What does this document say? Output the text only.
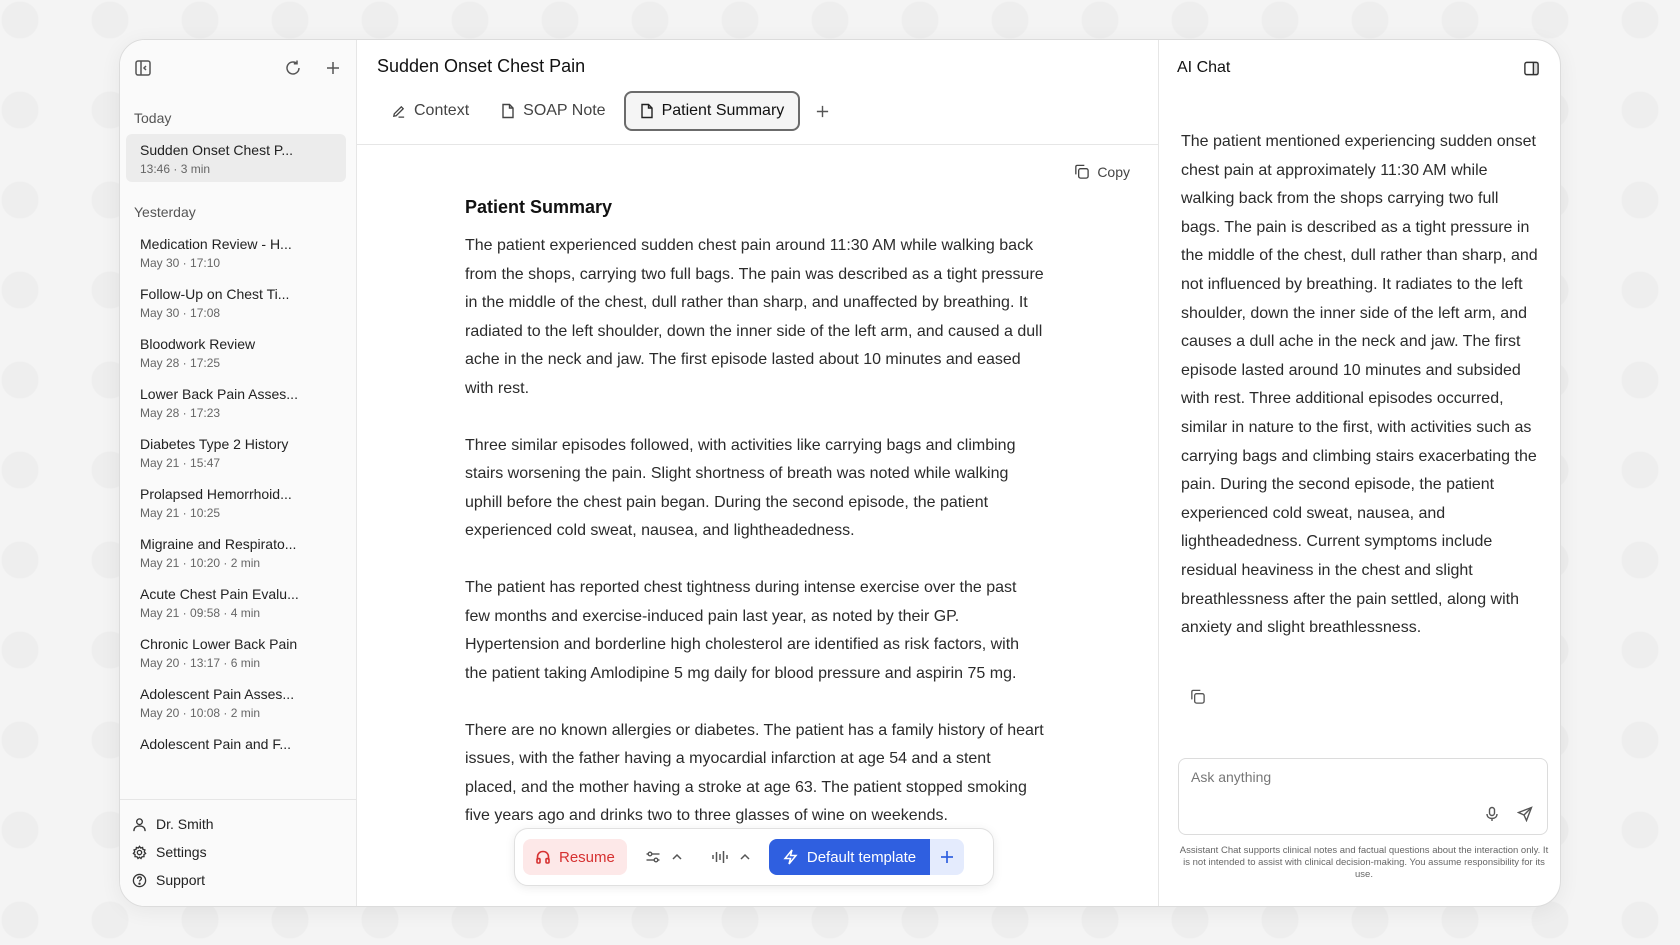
Today
Sudden Onset Chest P...
13:46 · 3 min
Yesterday
Medication Review - H...
May 30 · 17:10
Follow-Up on Chest Ti...
May 30 · 17:08
Bloodwork Review
May 28 · 17:25
Lower Back Pain Asses...
May 28 · 17:23
Diabetes Type 2 History
May 21 · 15:47
Prolapsed Hemorrhoid...
May 21 · 10:25
Migraine and Respirato...
May 21 · 10:20 · 2 min
Acute Chest Pain Evalu...
May 21 · 09:58 · 4 min
Chronic Lower Back Pain
May 20 · 13:17 · 6 min
Adolescent Pain Asses...
May 20 · 10:08 · 2 min
Adolescent Pain and F...
Dr. Smith
Settings
Support
Sudden Onset Chest Pain
Context	SOAP Note	Patient Summary
Copy
Patient Summary

The patient experienced sudden chest pain around 11:30 AM while walking back from the shops, carrying two full bags. The pain was described as a tight pressure in the middle of the chest, dull rather than sharp, and unaffected by breathing. It radiated to the left shoulder, down the inner side of the left arm, and caused a dull ache in the neck and jaw. The first episode lasted about 10 minutes and eased with rest.

Three similar episodes followed, with activities like carrying bags and climbing stairs worsening the pain. Slight shortness of breath was noted while walking uphill before the chest pain began. During the second episode, the patient experienced cold sweat, nausea, and lightheadedness.

The patient has reported chest tightness during intense exercise over the past few months and exercise-induced pain last year, as noted by their GP. Hypertension and borderline high cholesterol are identified as risk factors, with the patient taking Amlodipine 5 mg daily for blood pressure and aspirin 75 mg.

There are no known allergies or diabetes. The patient has a family history of heart issues, with the father having a myocardial infarction at age 54 and a stent placed, and the mother having a stroke at age 63. The patient stopped smoking five years ago and drinks two to three glasses of wine on weekends.

Resume	Default template
AI Chat
The patient mentioned experiencing sudden onset chest pain at approximately 11:30 AM while walking back from the shops carrying two full bags. The pain is described as a tight pressure in the middle of the chest, dull rather than sharp, and not influenced by breathing. It radiates to the left shoulder, down the inner side of the left arm, and causes a dull ache in the neck and jaw. The first episode lasted around 10 minutes and subsided with rest. Three additional episodes occurred, similar in nature to the first, with activities such as carrying bags and climbing stairs exacerbating the pain. During the second episode, the patient experienced cold sweat, nausea, and lightheadedness. Current symptoms include residual heaviness in the chest and slight breathlessness after the pain settled, along with anxiety and slight breathlessness.
Ask anything
Assistant Chat supports clinical notes and factual questions about the interaction only. It is not intended to assist with clinical decision-making. You assume responsibility for its use.
